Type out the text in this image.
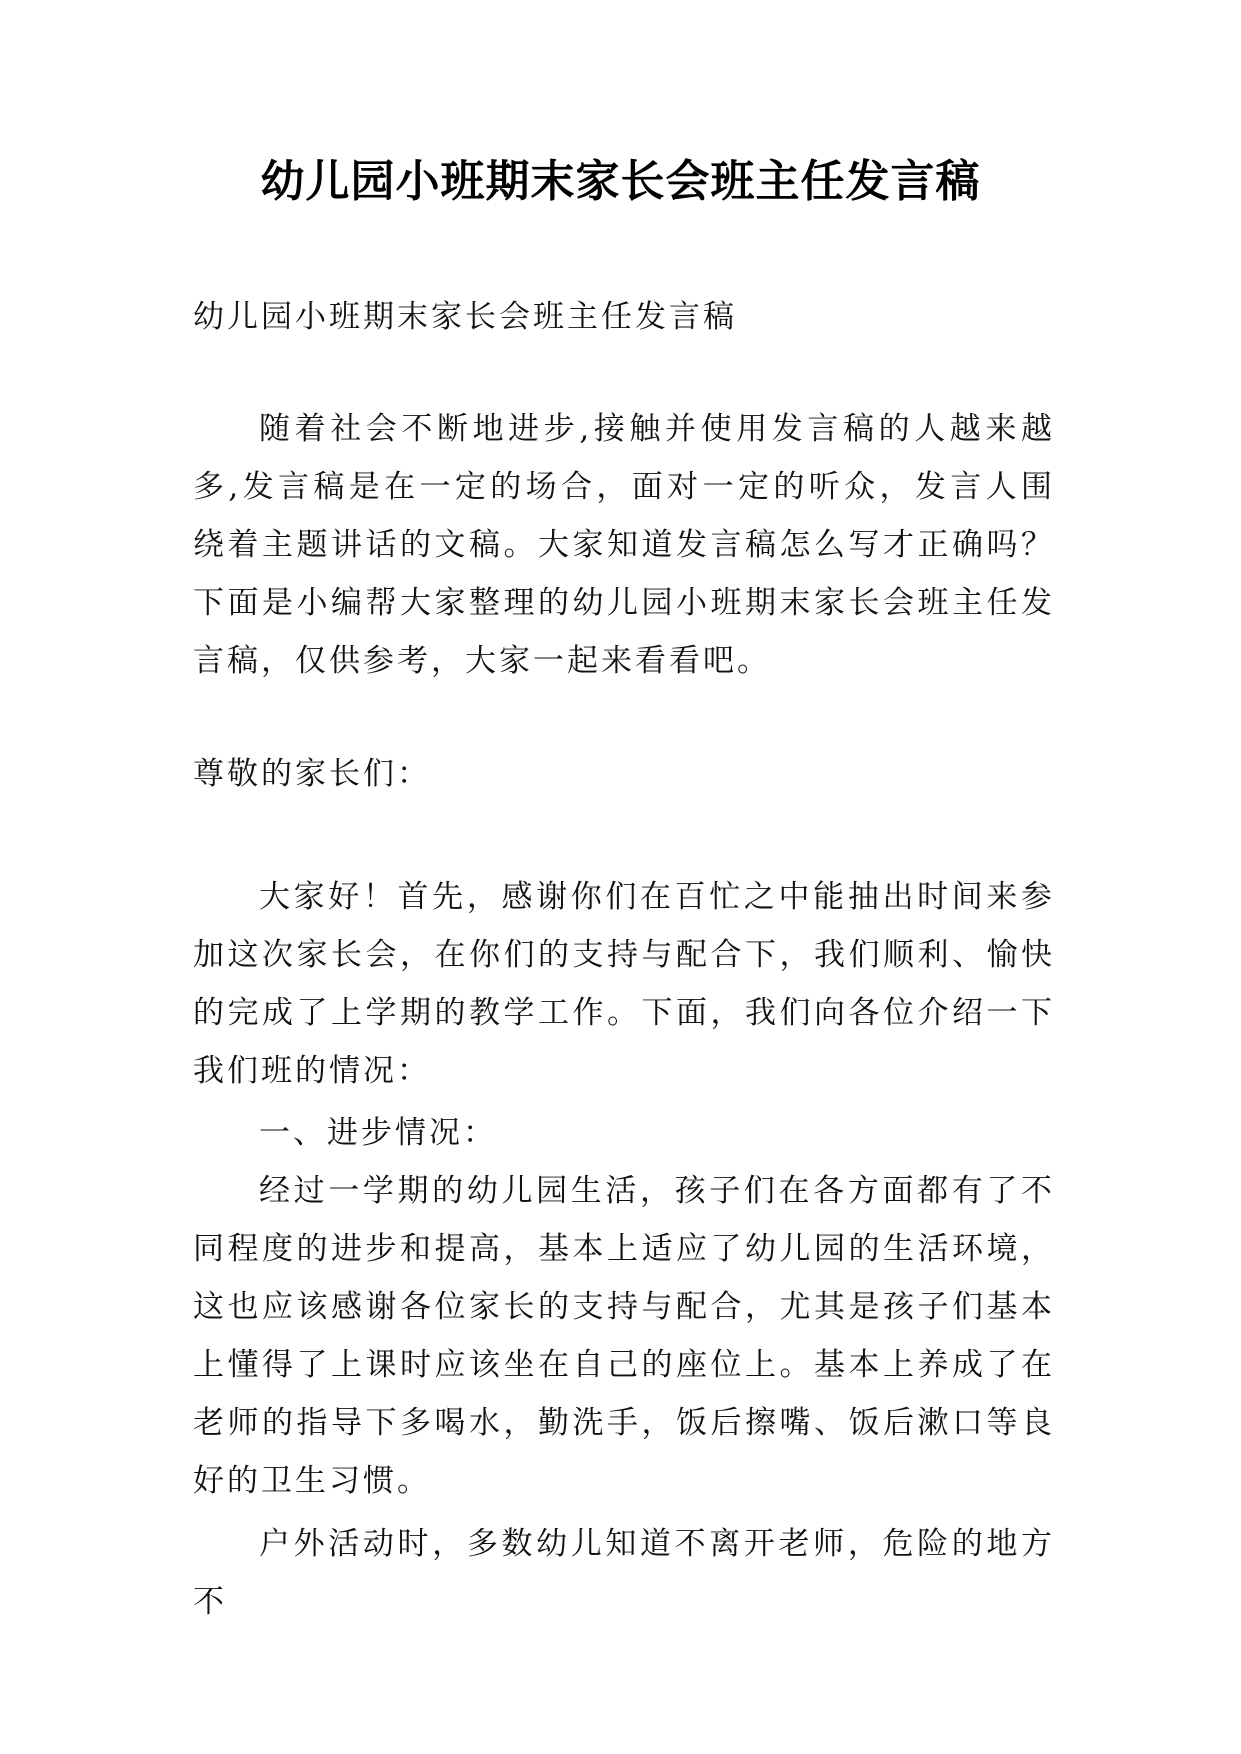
幼儿园小班期末家长会班主任发言稿

幼儿园小班期末家长会班主任发言稿

随着社会不断地进步,接触并使用发言稿的人越来越多,发言稿是在一定的场合，面对一定的听众，发言人围绕着主题讲话的文稿。大家知道发言稿怎么写才正确吗？下面是小编帮大家整理的幼儿园小班期末家长会班主任发言稿，仅供参考，大家一起来看看吧。

尊敬的家长们：

大家好！首先，感谢你们在百忙之中能抽出时间来参加这次家长会，在你们的支持与配合下，我们顺利、愉快的完成了上学期的教学工作。下面，我们向各位介绍一下我们班的情况：

一、进步情况：

经过一学期的幼儿园生活，孩子们在各方面都有了不同程度的进步和提高，基本上适应了幼儿园的生活环境，这也应该感谢各位家长的支持与配合，尤其是孩子们基本上懂得了上课时应该坐在自己的座位上。基本上养成了在老师的指导下多喝水，勤洗手，饭后擦嘴、饭后漱口等良好的卫生习惯。

户外活动时，多数幼儿知道不离开老师，危险的地方不
